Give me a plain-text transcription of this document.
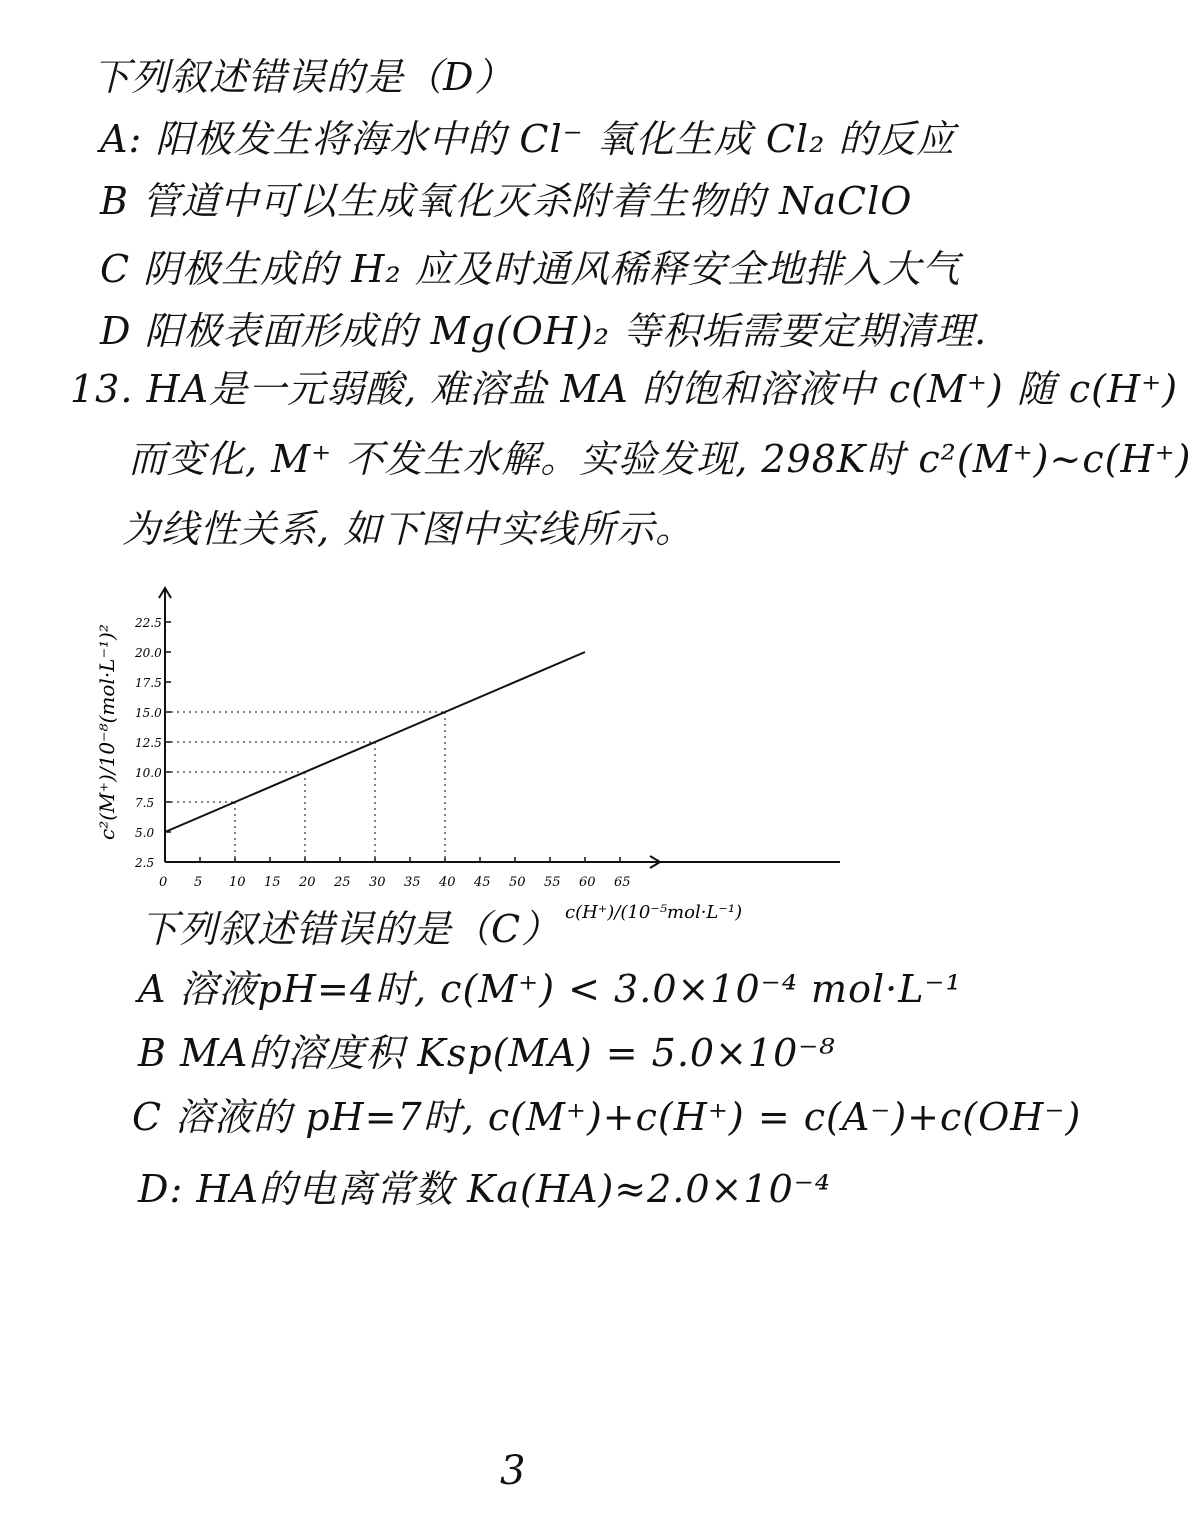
下列叙述错误的是（D）
A: 阳极发生将海水中的 Cl⁻ 氧化生成 Cl₂ 的反应
B 管道中可以生成氧化灭杀附着生物的 NaClO
C 阴极生成的 H₂ 应及时通风稀释安全地排入大气
D 阳极表面形成的 Mg(OH)₂ 等积垢需要定期清理.
13. HA是一元弱酸, 难溶盐 MA 的饱和溶液中 c(M⁺) 随 c(H⁺)
而变化, M⁺ 不发生水解。实验发现, 298K时 c²(M⁺)~c(H⁺)
为线性关系, 如下图中实线所示。
2.5
5.0
7.5
10.0
12.5
15.0
17.5
20.0
22.5
0 5 10 15 20 25 30 35 40 45 50 55 60 65
c²(M⁺)/10⁻⁸(mol·L⁻¹)²
c(H⁺)/(10⁻⁵mol·L⁻¹)
下列叙述错误的是（C）
A 溶液pH=4时, c(M⁺) < 3.0×10⁻⁴ mol·L⁻¹
B MA的溶度积 Ksp(MA) = 5.0×10⁻⁸
C 溶液的 pH=7时, c(M⁺)+c(H⁺) = c(A⁻)+c(OH⁻)
D: HA的电离常数 Ka(HA)≈2.0×10⁻⁴
3
